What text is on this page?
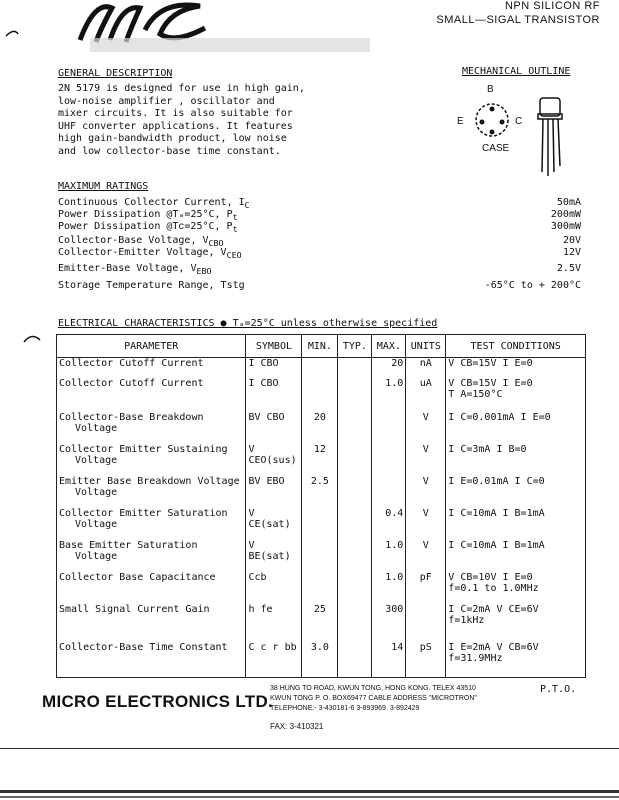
NPN SILICON RF
SMALL—SIGAL TRANSISTOR
GENERAL DESCRIPTION
2N 5179 is designed for use in high gain,
low-noise amplifier , oscillator and
mixer circuits. It is also suitable for
UHF converter applications. It features
high gain-bandwidth product, low noise
and low collector-base time constant.
MECHANICAL OUTLINE
B
E	C
CASE
MAXIMUM RATINGS
Continuous Collector Current, $I_C$	50mA
Power Dissipation @Tₐ=25°C, $P_t$	200mW
Power Dissipation @Tᴄ=25°C, $P_t$	300mW
Collector-Base Voltage, $V_{CBO}$	20V
Collector-Emitter Voltage, $V_{CEO}$	12V
Emitter-Base Voltage, $V_{EBO}$	2.5V
Storage Temperature Range, Tstg	-65°C to + 200°C
ELECTRICAL CHARACTERISTICS ● Tₐ=25°C unless otherwise specified
PARAMETER	SYMBOL	MIN.	TYP.	MAX.	UNITS	TEST CONDITIONS

Collector Cutoff Current	I CBO			20	nA	V CB=15V I E=0

Collector Cutoff Currеnt	I CBO			1.0	uA	V CB=15V I E=0
T A=150°C

Collector-Base Breakdown
Voltage	BV CBO	20			V	I C=0.001mA I E=0

Collector Emitter Sustaining
Voltage	V CEO(sus)	12			V	I C=3mA I B=0

Emitter Base Breakdown Voltage
Voltage	BV EBO	2.5			V	I E=0.01mA I C=0

Collector Emitter Saturation
Voltage	V CE(sat)			0.4	V	I C=10mA I B=1mA

Base Emitter Saturation
Voltage	V BE(sat)			1.0	V	I C=10mA I B=1mA

Collector Base Capacitance	Ccb			1.0	pF	V CB=10V I E=0
f=0.1 to 1.0MHz

Small Signal Current Gain	h fe	25		300		I C=2mA V CE=6V
f=1kHz

Collector-Base Time Constant	C c r bb	3.0		14	pS	I E=2mA V CB=6V
f=31.9MHz
MICRO ELECTRONICS LTD.
38 HUNG TO ROAD, KWUN TONG, HONG KONG. TELEX 43510
KWUN TONG P. O. BOX69477 CABLE ADDRESS "MICROTRON"
TELEPHONE:- 3-430181-6 3-893969. 3-892429
P.T.O.
FAX: 3-410321
